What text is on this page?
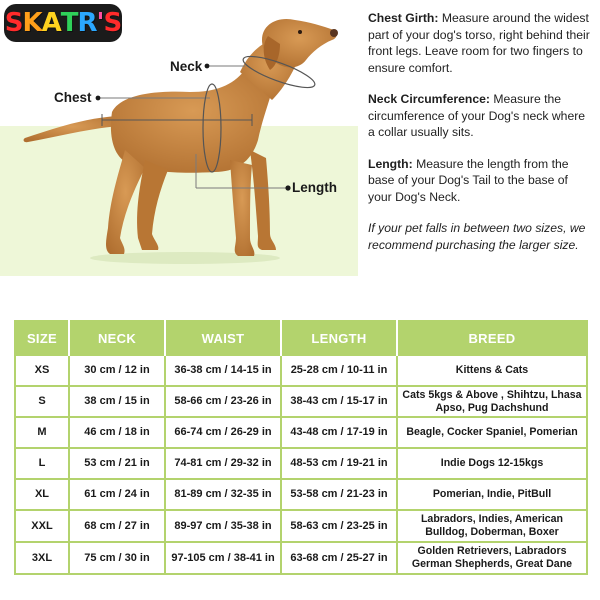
S K A T R ' S
Neck
Chest
Length

Chest Girth: Measure around the widest part of your dog's torso, right behind their front legs. Leave room for two fingers to ensure comfort.

Neck Circumference: Measure the circumference of your Dog's neck where a collar usually sits.

Length: Measure the length from the base of your Dog's Tail to the base of your Dog's Neck.

If your pet falls in between two sizes, we recommend purchasing the larger size.

SIZE	NECK	WAIST	LENGTH	BREED
XS	30 cm / 12 in	36-38 cm / 14-15 in	25-28 cm / 10-11 in	Kittens & Cats
S	38 cm / 15 in	58-66 cm / 23-26 in	38-43 cm / 15-17 in	Cats 5kgs & Above , Shihtzu, Lhasa Apso, Pug Dachshund
M	46 cm / 18 in	66-74 cm / 26-29 in	43-48 cm / 17-19 in	Beagle, Cocker Spaniel, Pomerian
L	53 cm / 21 in	74-81 cm / 29-32 in	48-53 cm / 19-21 in	Indie Dogs 12-15kgs
XL	61 cm / 24 in	81-89 cm / 32-35 in	53-58 cm / 21-23 in	Pomerian, Indie, PitBull
XXL	68 cm / 27 in	89-97 cm / 35-38 in	58-63 cm / 23-25 in	Labradors, Indies, American Bulldog, Doberman, Boxer
3XL	75 cm / 30 in	97-105 cm / 38-41 in	63-68 cm / 25-27 in	Golden Retrievers, Labradors German Shepherds, Great Dane
